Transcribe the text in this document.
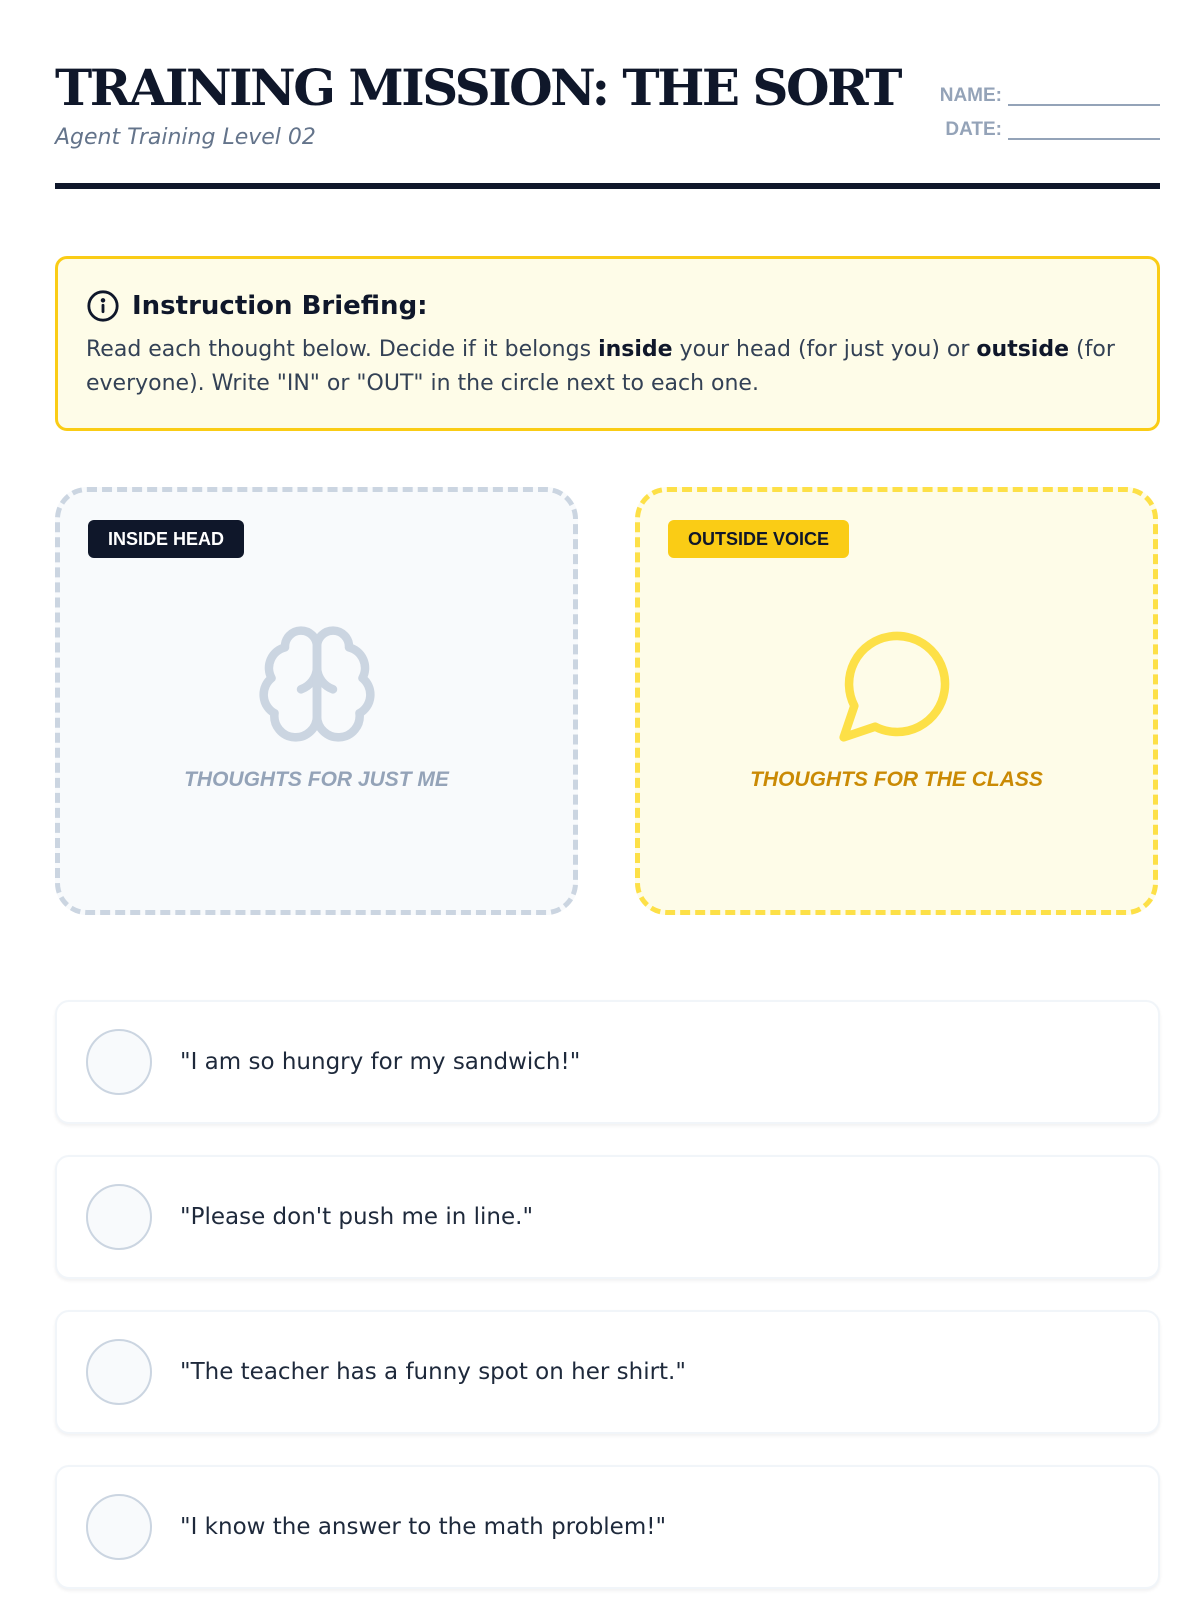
TRAINING MISSION: THE SORT
Agent Training Level 02
NAME:
DATE:
Instruction Briefing:

Read each thought below. Decide if it belongs inside your head (for just you) or outside (for everyone). Write "IN" or "OUT" in the circle next to each one.

INSIDE HEAD
THOUGHTS FOR JUST ME
OUTSIDE VOICE
THOUGHTS FOR THE CLASS
"I am so hungry for my sandwich!"
"Please don't push me in line."
"The teacher has a funny spot on her shirt."
"I know the answer to the math problem!"
